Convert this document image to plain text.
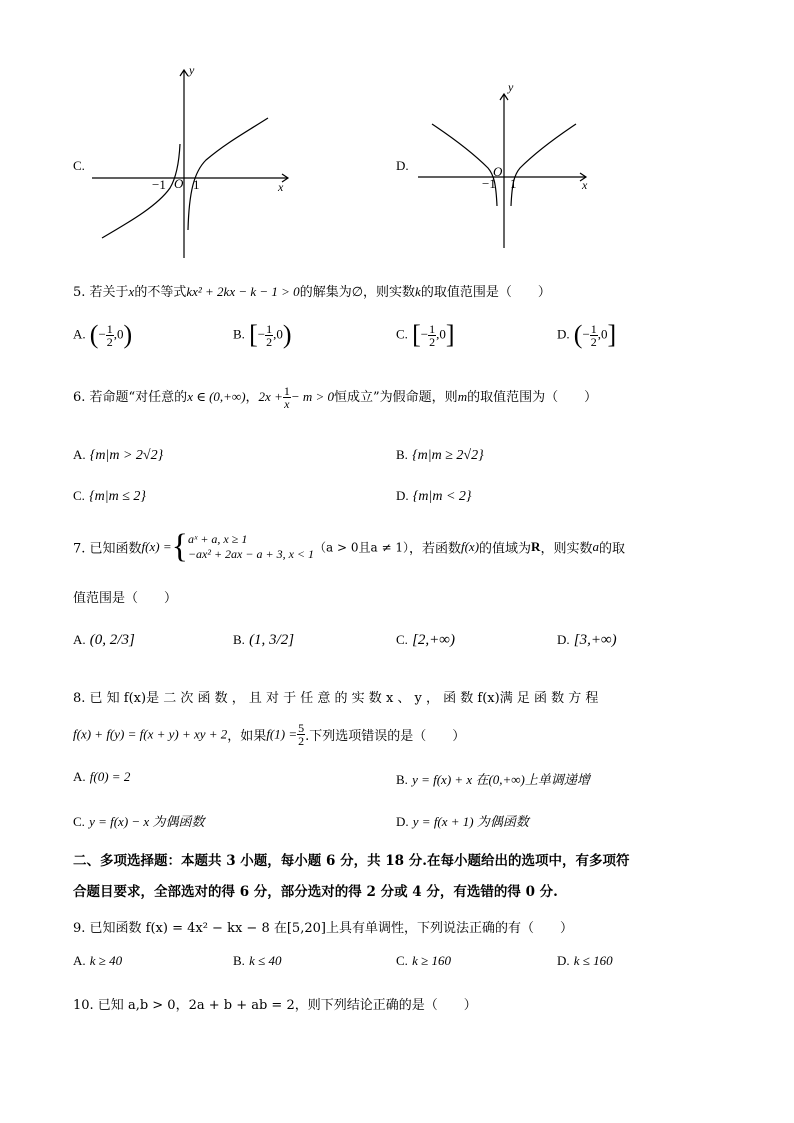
C.
y
x
−1 O 1
D.
y
x
−1
O
1
5. 若关于x的不等式kx² + 2kx − k − 1 > 0的解集为∅，则实数k的取值范围是（　　）
A. (− $\frac{1}{2} ,0$)	B. [− $\frac{1}{2} ,0$)	C. [− $\frac{1}{2} ,0$]	D. (− $\frac{1}{2} ,0$]
6. 若命题“对任意的x ∈ (0,+∞)，$2x + \frac{1}{x} - m > 0$恒成立”为假命题，则m的取值范围为（　　）
A. {m|m > 2√2}	B. {m|m ≥ 2√2}
C. {m|m ≤ 2}	D. {m|m < 2}
7. 已知函数f(x) ={ aˣ + a, x ≥ 1
−ax² + 2ax − a + 3, x < 1 （a > 0且a ≠ 1），若函数f(x)的值域为R，则实数a的取
值范围是（　　）
A. (0, 2/3]	B. (1, 3/2]	C. [2,+∞)	D. [3,+∞)
8. 已 知 f(x)是 二 次 函 数 ， 且 对 于 任 意 的 实 数 x 、 y ， 函 数 f(x)满 足 函 数 方 程
f(x) + f(y) = f(x + y) + xy + 2，如果$f(1) = \frac{5}{2}$ .下列选项错误的是（　　）
A. f(0) = 2	B. y = f(x) + x 在(0,+∞)上单调递增
C. y = f(x) − x 为偶函数	D. y = f(x + 1) 为偶函数
二、多项选择题：本题共 3 小题，每小题 6 分，共 18 分.在每小题给出的选项中，有多项符
合题目要求，全部选对的得 6 分，部分选对的得 2 分或 4 分，有选错的得 0 分.
9. 已知函数 f(x) = 4x² − kx − 8 在[5,20]上具有单调性，下列说法正确的有（　　）
A. k ≥ 40	B. k ≤ 40	C. k ≥ 160	D. k ≤ 160
10. 已知 a,b > 0，2a + b + ab = 2，则下列结论正确的是（　　）
